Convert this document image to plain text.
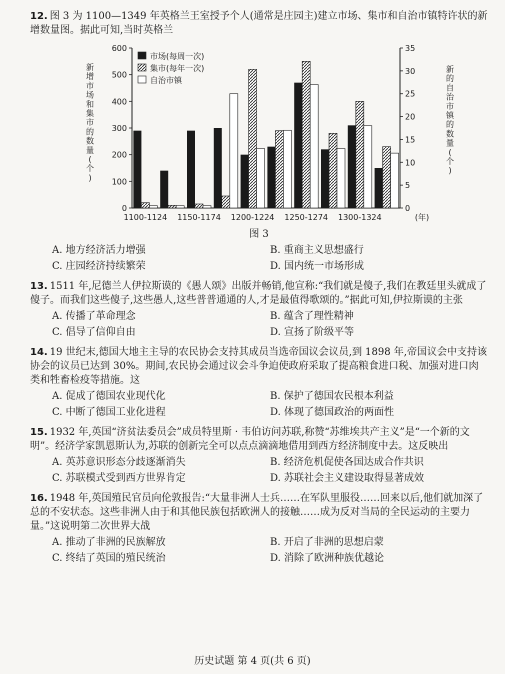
12. 图 3 为 1100—1349 年英格兰王室授予个人(通常是庄园主)建立市场、集市和自治市镇特许状的新增数量图。据此可知,当时英格兰

0
100
200
300
400
500
600
0
5
10
15
20
25
30
35
1100-1124 1150-1174 1200-1224 1250-1274 1300-1324	(年)
市场(每周一次)
集市(每年一次)
自治市镇
新
增
市
场
和
集
市
的
数
量
(
个
)
新
的
自
治
市
镇
的
数
量
(
个
)
图 3
A. 地方经济活力增强	B. 重商主义思想盛行
C. 庄园经济持续繁荣	D. 国内统一市场形成

13. 1511 年,尼德兰人伊拉斯谟的《愚人颂》出版并畅销,他宣称:“我们就是傻子,我们在教廷里头就成了傻子。而我们这些傻子,这些愚人,这些普普通通的人,才是最值得歌颂的。”据此可知,伊拉斯谟的主张

A. 传播了革命理念	B. 蕴含了理性精神
C. 倡导了信仰自由	D. 宣扬了阶级平等

14. 19 世纪末,德国大地主主导的农民协会支持其成员当选帝国议会议员,到 1898 年,帝国议会中支持该协会的议员已达到 30%。期间,农民协会通过议会斗争迫使政府采取了提高粮食进口税、加强对进口肉类和牲畜检疫等措施。这

A. 促成了德国农业现代化	B. 保护了德国农民根本利益
C. 中断了德国工业化进程	D. 体现了德国政治的两面性

15. 1932 年,英国“济贫法委员会”成员特里斯 · 韦伯访问苏联,称赞“苏维埃共产主义”是“一个新的文明”。经济学家凯恩斯认为,苏联的创新完全可以点点滴滴地借用到西方经济制度中去。这反映出

A. 英苏意识形态分歧逐渐消失	B. 经济危机促使各国达成合作共识
C. 苏联模式受到西方世界肯定	D. 苏联社会主义建设取得显著成效

16. 1948 年,英国殖民官员向伦敦报告:“大量非洲人士兵……在军队里服役……回来以后,他们就加深了总的不安状态。这些非洲人由于和其他民族包括欧洲人的接触……成为反对当局的全民运动的主要力量。”这说明第二次世界大战

A. 推动了非洲的民族解放	B. 开启了非洲的思想启蒙
C. 终结了英国的殖民统治	D. 消除了欧洲种族优越论
历史试题 第 4 页(共 6 页)
